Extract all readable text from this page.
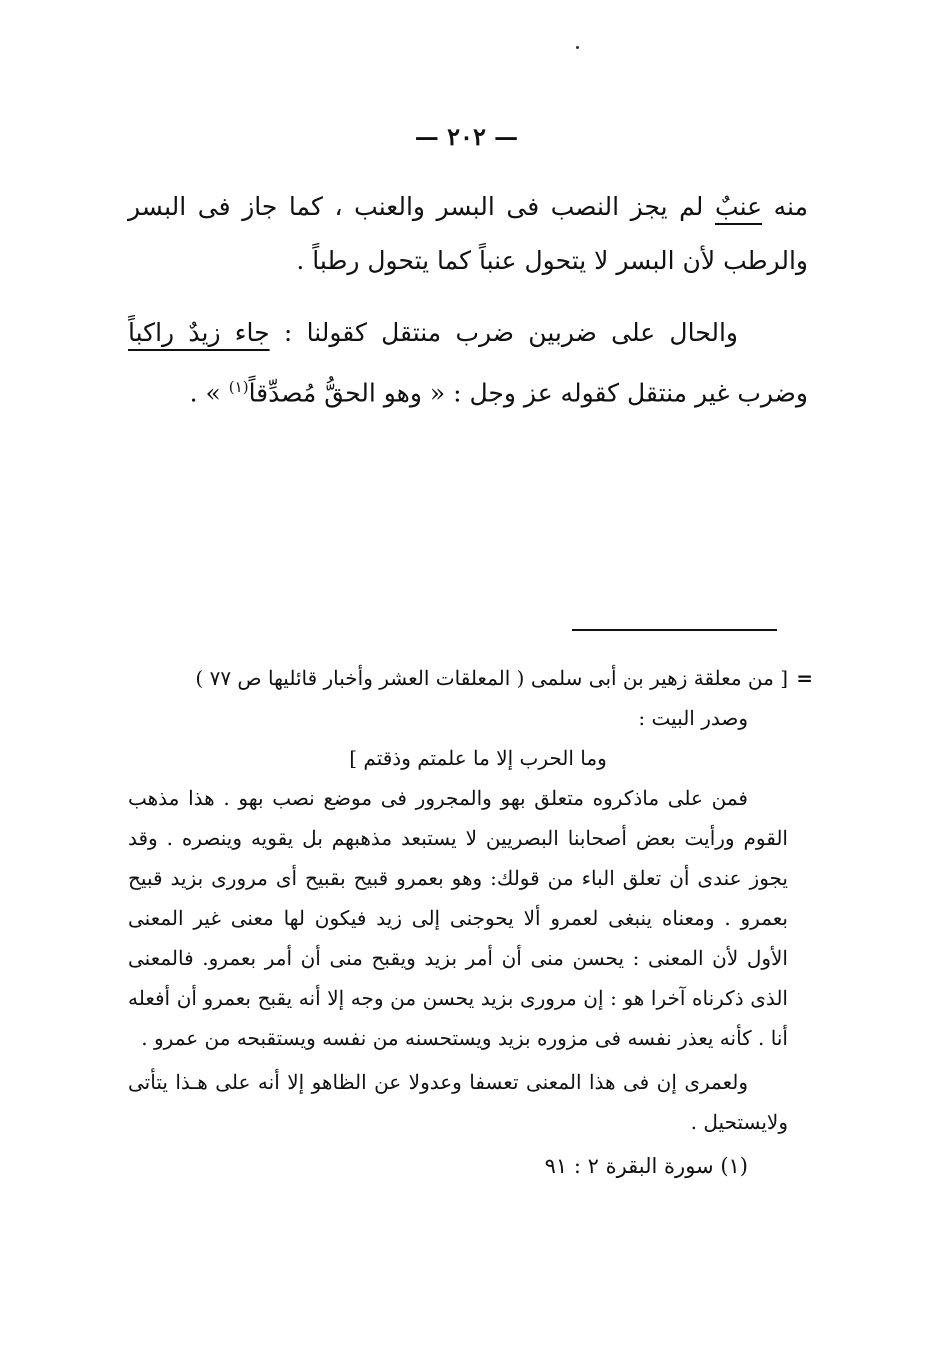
— ٢٠٢ —

منه عنبٌ لم يجز النصب فى البسر والعنب ، كما جاز فى البسر والرطب لأن البسر لا يتحول عنباً كما يتحول رطباً .

والحال على ضربين ضرب منتقل كقولنا : جاء زيدٌ راكباً وضرب غير منتقل كقوله عز وجل : « وهو الحقُّ مُصدِّقاً$^{(١)}$ » .

=
[ من معلقة زهير بن أبى سلمى ( المعلقات العشر وأخبار قائليها ص ٧٧ )

وصدر البيت :

وما الحرب إلا ما علمتم وذقتم ]

فمن على ماذكروه متعلق بهو والمجرور فى موضع نصب بهو . هذا مذهب القوم ورأيت بعض أصحابنا البصريين لا يستبعد مذهبهم بل يقويه وينصره . وقد يجوز عندى أن تعلق الباء من قولك: وهو بعمرو قبيح بقبيح أى مرورى بزيد قبيح بعمرو . ومعناه ينبغى لعمرو ألا يحوجنى إلى زيد فيكون لها معنى غير المعنى الأول لأن المعنى : يحسن منى أن أمر بزيد ويقبح منى أن أمر بعمرو. فالمعنى الذى ذكرناه آخرا هو : إن مرورى بزيد يحسن من وجه إلا أنه يقبح بعمرو أن أفعله أنا . كأنه يعذر نفسه فى مزوره بزيد ويستحسنه من نفسه ويستقبحه من عمرو .

ولعمرى إن فى هذا المعنى تعسفا وعدولا عن الظاهو إلا أنه على هـذا يتأتى ولايستحيل .

(١) سورة البقرة ٢ : ٩١
